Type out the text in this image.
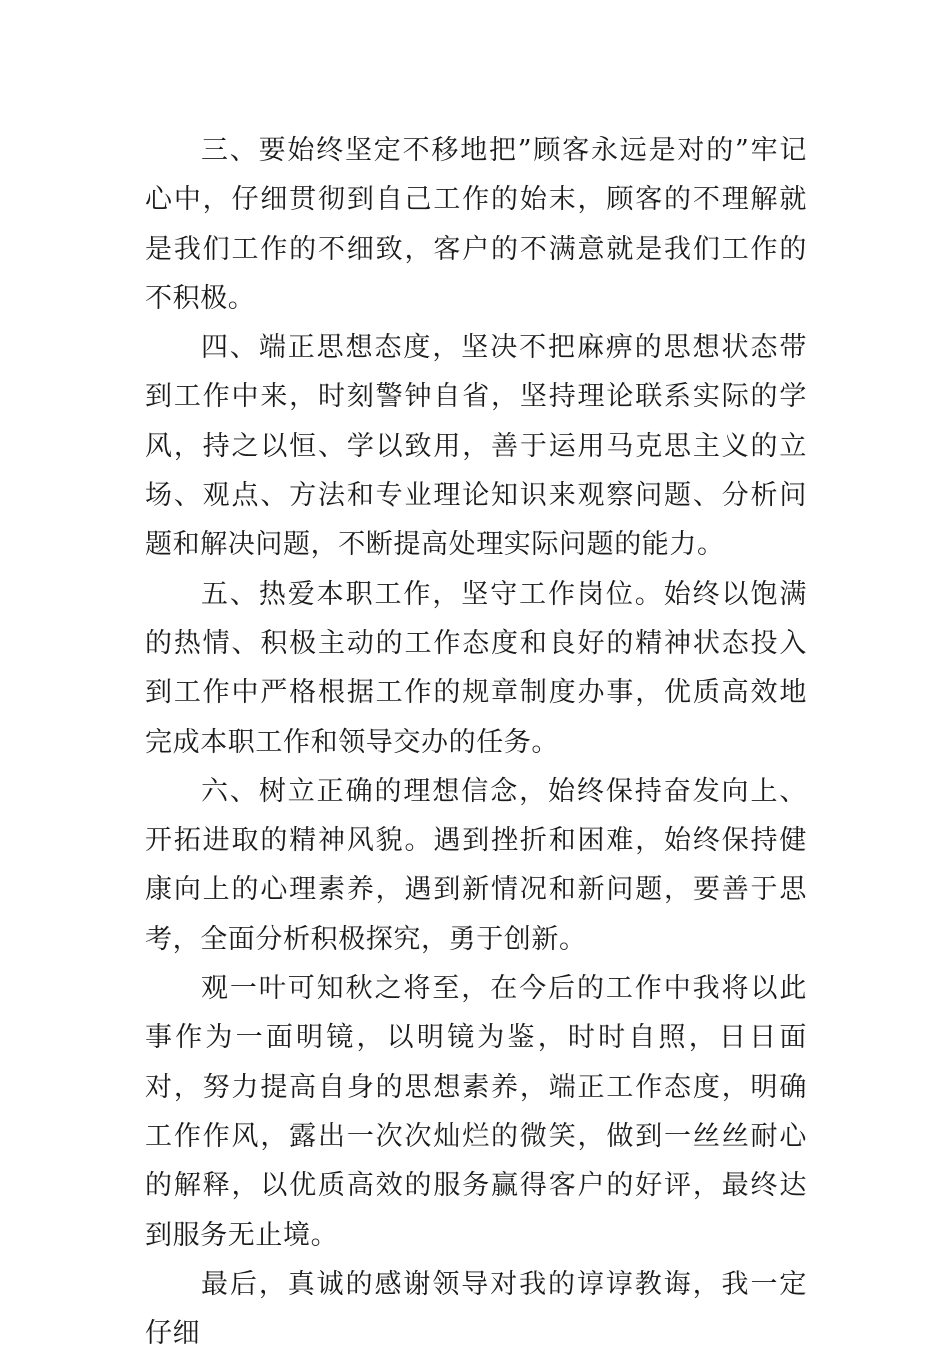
三、要始终坚定不移地把”顾客永远是对的”牢记心中，仔细贯彻到自己工作的始末，顾客的不理解就是我们工作的不细致，客户的不满意就是我们工作的不积极。

四、端正思想态度，坚决不把麻痹的思想状态带到工作中来，时刻警钟自省，坚持理论联系实际的学风，持之以恒、学以致用，善于运用马克思主义的立场、观点、方法和专业理论知识来观察问题、分析问题和解决问题，不断提高处理实际问题的能力。

五、热爱本职工作，坚守工作岗位。始终以饱满的热情、积极主动的工作态度和良好的精神状态投入到工作中严格根据工作的规章制度办事，优质高效地完成本职工作和领导交办的任务。

六、树立正确的理想信念，始终保持奋发向上、开拓进取的精神风貌。遇到挫折和困难，始终保持健康向上的心理素养，遇到新情况和新问题，要善于思考，全面分析积极探究，勇于创新。

观一叶可知秋之将至，在今后的工作中我将以此事作为一面明镜，以明镜为鉴，时时自照，日日面对，努力提高自身的思想素养，端正工作态度，明确工作作风，露出一次次灿烂的微笑，做到一丝丝耐心的解释，以优质高效的服务赢得客户的好评，最终达到服务无止境。

最后，真诚的感谢领导对我的谆谆教诲，我一定仔细
